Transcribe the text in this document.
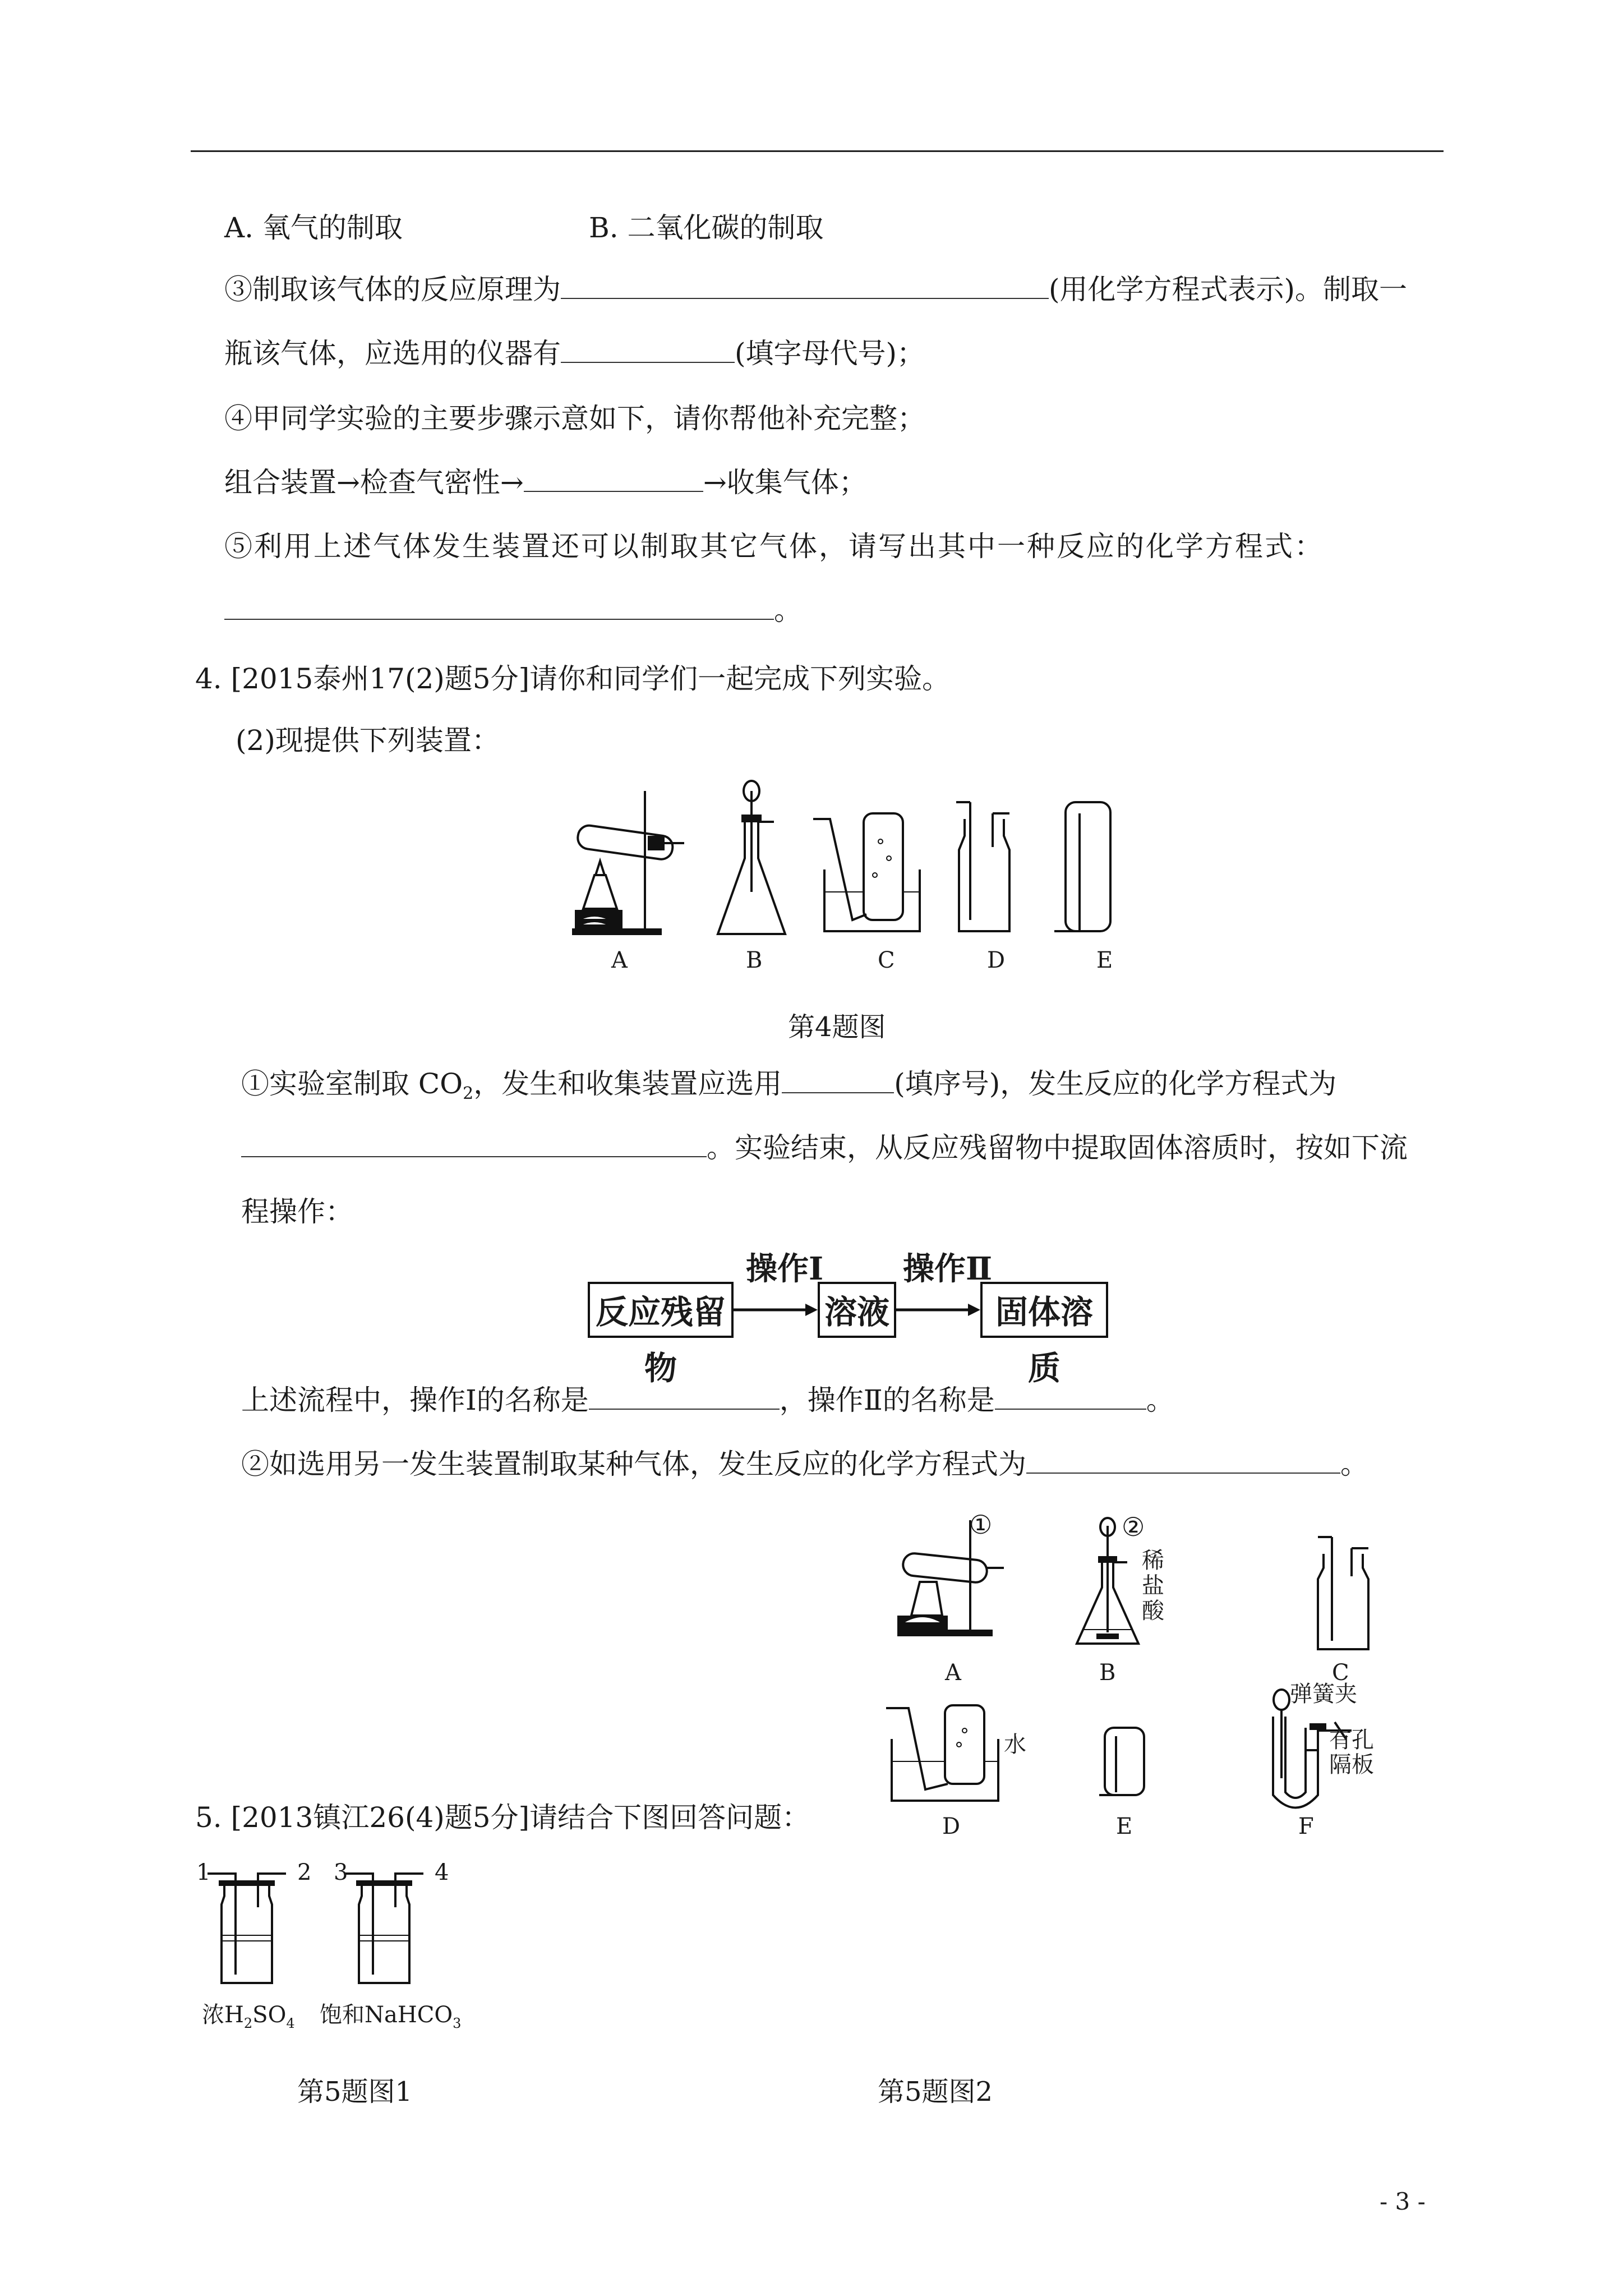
A. 氧气的制取	B. 二氧化碳的制取
③制取该气体的反应原理为	(用化学方程式表示)。制取一
瓶该气体，应选用的仪器有	(填字母代号)；
④甲同学实验的主要步骤示意如下，请你帮他补充完整；
组合装置→检查气密性→	→收集气体；
⑤利用上述气体发生装置还可以制取其它气体，请写出其中一种反应的化学方程式：
。
4. [2015泰州17(2)题5分]请你和同学们一起完成下列实验。
(2)现提供下列装置：
A	B	C	D	E
第4题图
①实验室制取 $CO_2$，发生和收集装置应选用	(填序号)，发生反应的化学方程式为
。实验结束，从反应残留物中提取固体溶质时，按如下流
程操作：
反应残留物
操作Ⅰ
溶液
操作Ⅱ
固体溶质
上述流程中，操作Ⅰ的名称是	，操作Ⅱ的名称是	。
②如选用另一发生装置制取某种气体，发生反应的化学方程式为	。
A	B	C
D	E	F
①	②
稀
盐
酸
水
弹簧夹
有孔
隔板
5. [2013镇江26(4)题5分]请结合下图回答问题：
1	2 3	4
浓$H_2SO_4$ 饱和NaHCO$_3$
第5题图1	第5题图2
- 3 -
